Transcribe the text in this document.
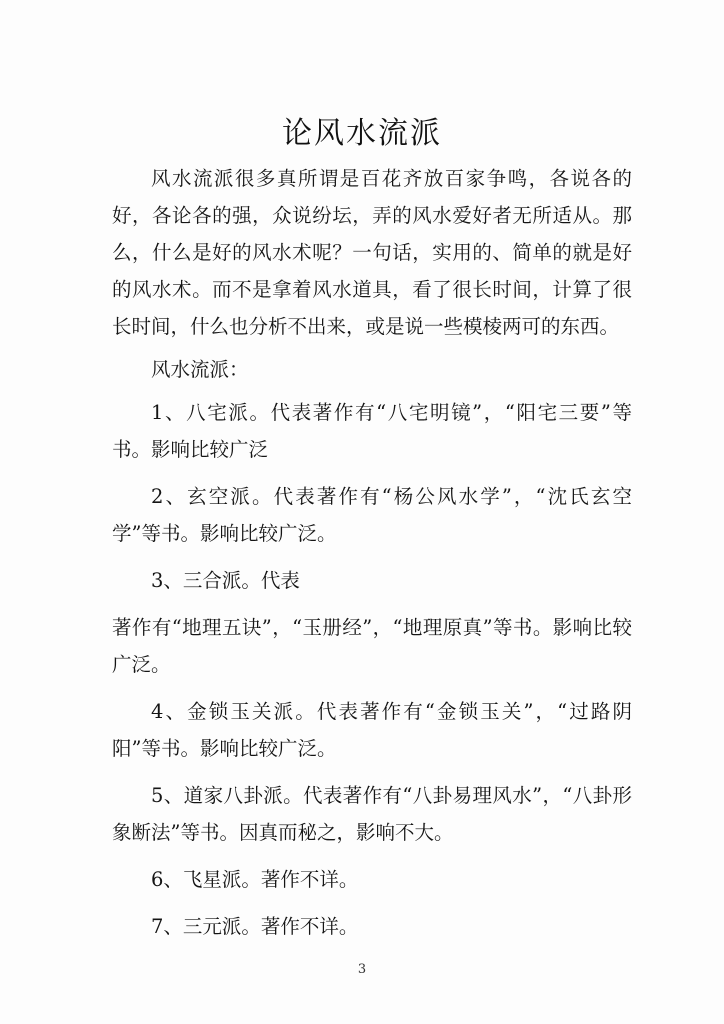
论风水流派

风水流派很多真所谓是百花齐放百家争鸣，各说各的好，各论各的强，众说纷坛，弄的风水爱好者无所适从。那么，什么是好的风水术呢？一句话，实用的、简单的就是好的风水术。而不是拿着风水道具，看了很长时间，计算了很长时间，什么也分析不出来，或是说一些模棱两可的东西。

风水流派：

1、八宅派。代表著作有“八宅明镜”，“阳宅三要”等书。影响比较广泛

2、玄空派。代表著作有“杨公风水学”，“沈氏玄空学”等书。影响比较广泛。

3、三合派。代表

著作有“地理五诀”，“玉册经”，“地理原真”等书。影响比较广泛。

4、金锁玉关派。代表著作有“金锁玉关”，“过路阴阳”等书。影响比较广泛。

5、道家八卦派。代表著作有“八卦易理风水”，“八卦形象断法”等书。因真而秘之，影响不大。

6、飞星派。著作不详。

7、三元派。著作不详。

3
